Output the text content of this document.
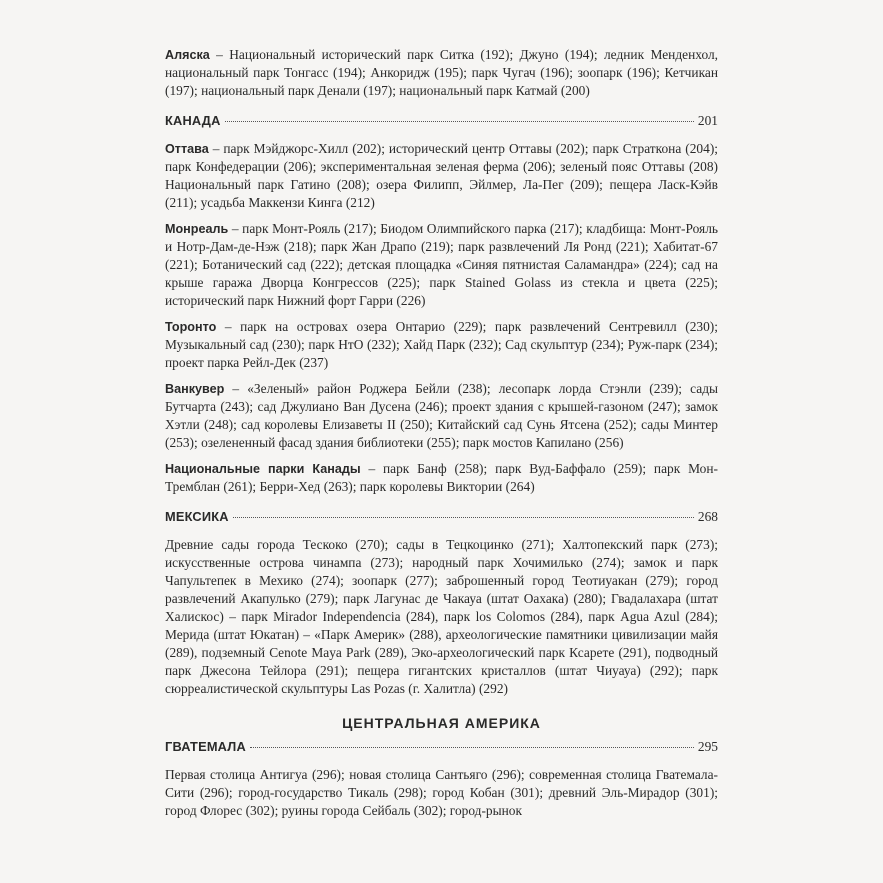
Аляска – Национальный исторический парк Ситка (192); Джуно (194); ледник Менденхол, национальный парк Тонгасс (194); Анкоридж (195); парк Чугач (196); зоопарк (196); Кетчикан (197); национальный парк Денали (197); национальный парк Катмай (200)

КАНАДА	201

Оттава – парк Мэйджорс-Хилл (202); исторический центр Оттавы (202); парк Страткона (204); парк Конфедерации (206); экспериментальная зеленая ферма (206); зеленый пояс Оттавы (208) Национальный парк Гатино (208); озера Филипп, Эйлмер, Ла-Пег (209); пещера Ласк-Кэйв (211); усадьба Маккензи Кинга (212)

Монреаль – парк Монт-Рояль (217); Биодом Олимпийского парка (217); кладбища: Монт-Рояль и Нотр-Дам-де-Нэж (218); парк Жан Драпо (219); парк развлечений Ля Ронд (221); Хабитат-67 (221); Ботанический сад (222); детская площадка «Синяя пятнистая Саламандра» (224); сад на крыше гаража Дворца Конгрессов (225); парк Stained Golass из стекла и цвета (225); исторический парк Нижний форт Гарри (226)

Торонто – парк на островах озера Онтарио (229); парк развлечений Сентревилл (230); Музыкальный сад (230); парк НтО (232); Хайд Парк (232); Сад скульптур (234); Руж-парк (234); проект парка Рейл-Дек (237)

Ванкувер – «Зеленый» район Роджера Бейли (238); лесопарк лорда Стэнли (239); сады Бутчарта (243); сад Джулиано Ван Дусена (246); проект здания с крышей-газоном (247); замок Хэтли (248); сад королевы Елизаветы II (250); Китайский сад Сунь Ятсена (252); сады Минтер (253); озелененный фасад здания библиотеки (255); парк мостов Капилано (256)

Национальные парки Канады – парк Банф (258); парк Вуд-Баффало (259); парк Мон-Тремблан (261); Берри-Хед (263); парк королевы Виктории (264)

МЕКСИКА	268

Древние сады города Тескоко (270); сады в Тецкоцинко (271); Халтопекский парк (273); искусственные острова чинампа (273); народный парк Хочимилько (274); замок и парк Чапультепек в Мехико (274); зоопарк (277); заброшенный город Теотиуакан (279); город развлечений Акапулько (279); парк Лагунас де Чакауа (штат Оахака) (280); Гвадалахара (штат Халискос) – парк Mirador Independencia (284), парк los Colomos (284), парк Agua Azul (284); Мерида (штат Юкатан) – «Парк Америк» (288), археологические памятники цивилизации майя (289), подземный Cenote Maya Park (289), Эко-археологический парк Ксарете (291), подводный парк Джесона Тейлора (291); пещера гигантских кристаллов (штат Чиуауа) (292); парк сюрреалистической скульптуры Las Pozas (г. Халитла) (292)

ЦЕНТРАЛЬНАЯ АМЕРИКА
ГВАТЕМАЛА	295

Первая столица Антигуа (296); новая столица Сантьяго (296); современная столица Гватемала-Сити (296); город-государство Тикаль (298); город Кобан (301); древний Эль-Мирадор (301); город Флорес (302); руины города Сейбаль (302); город-рынок
